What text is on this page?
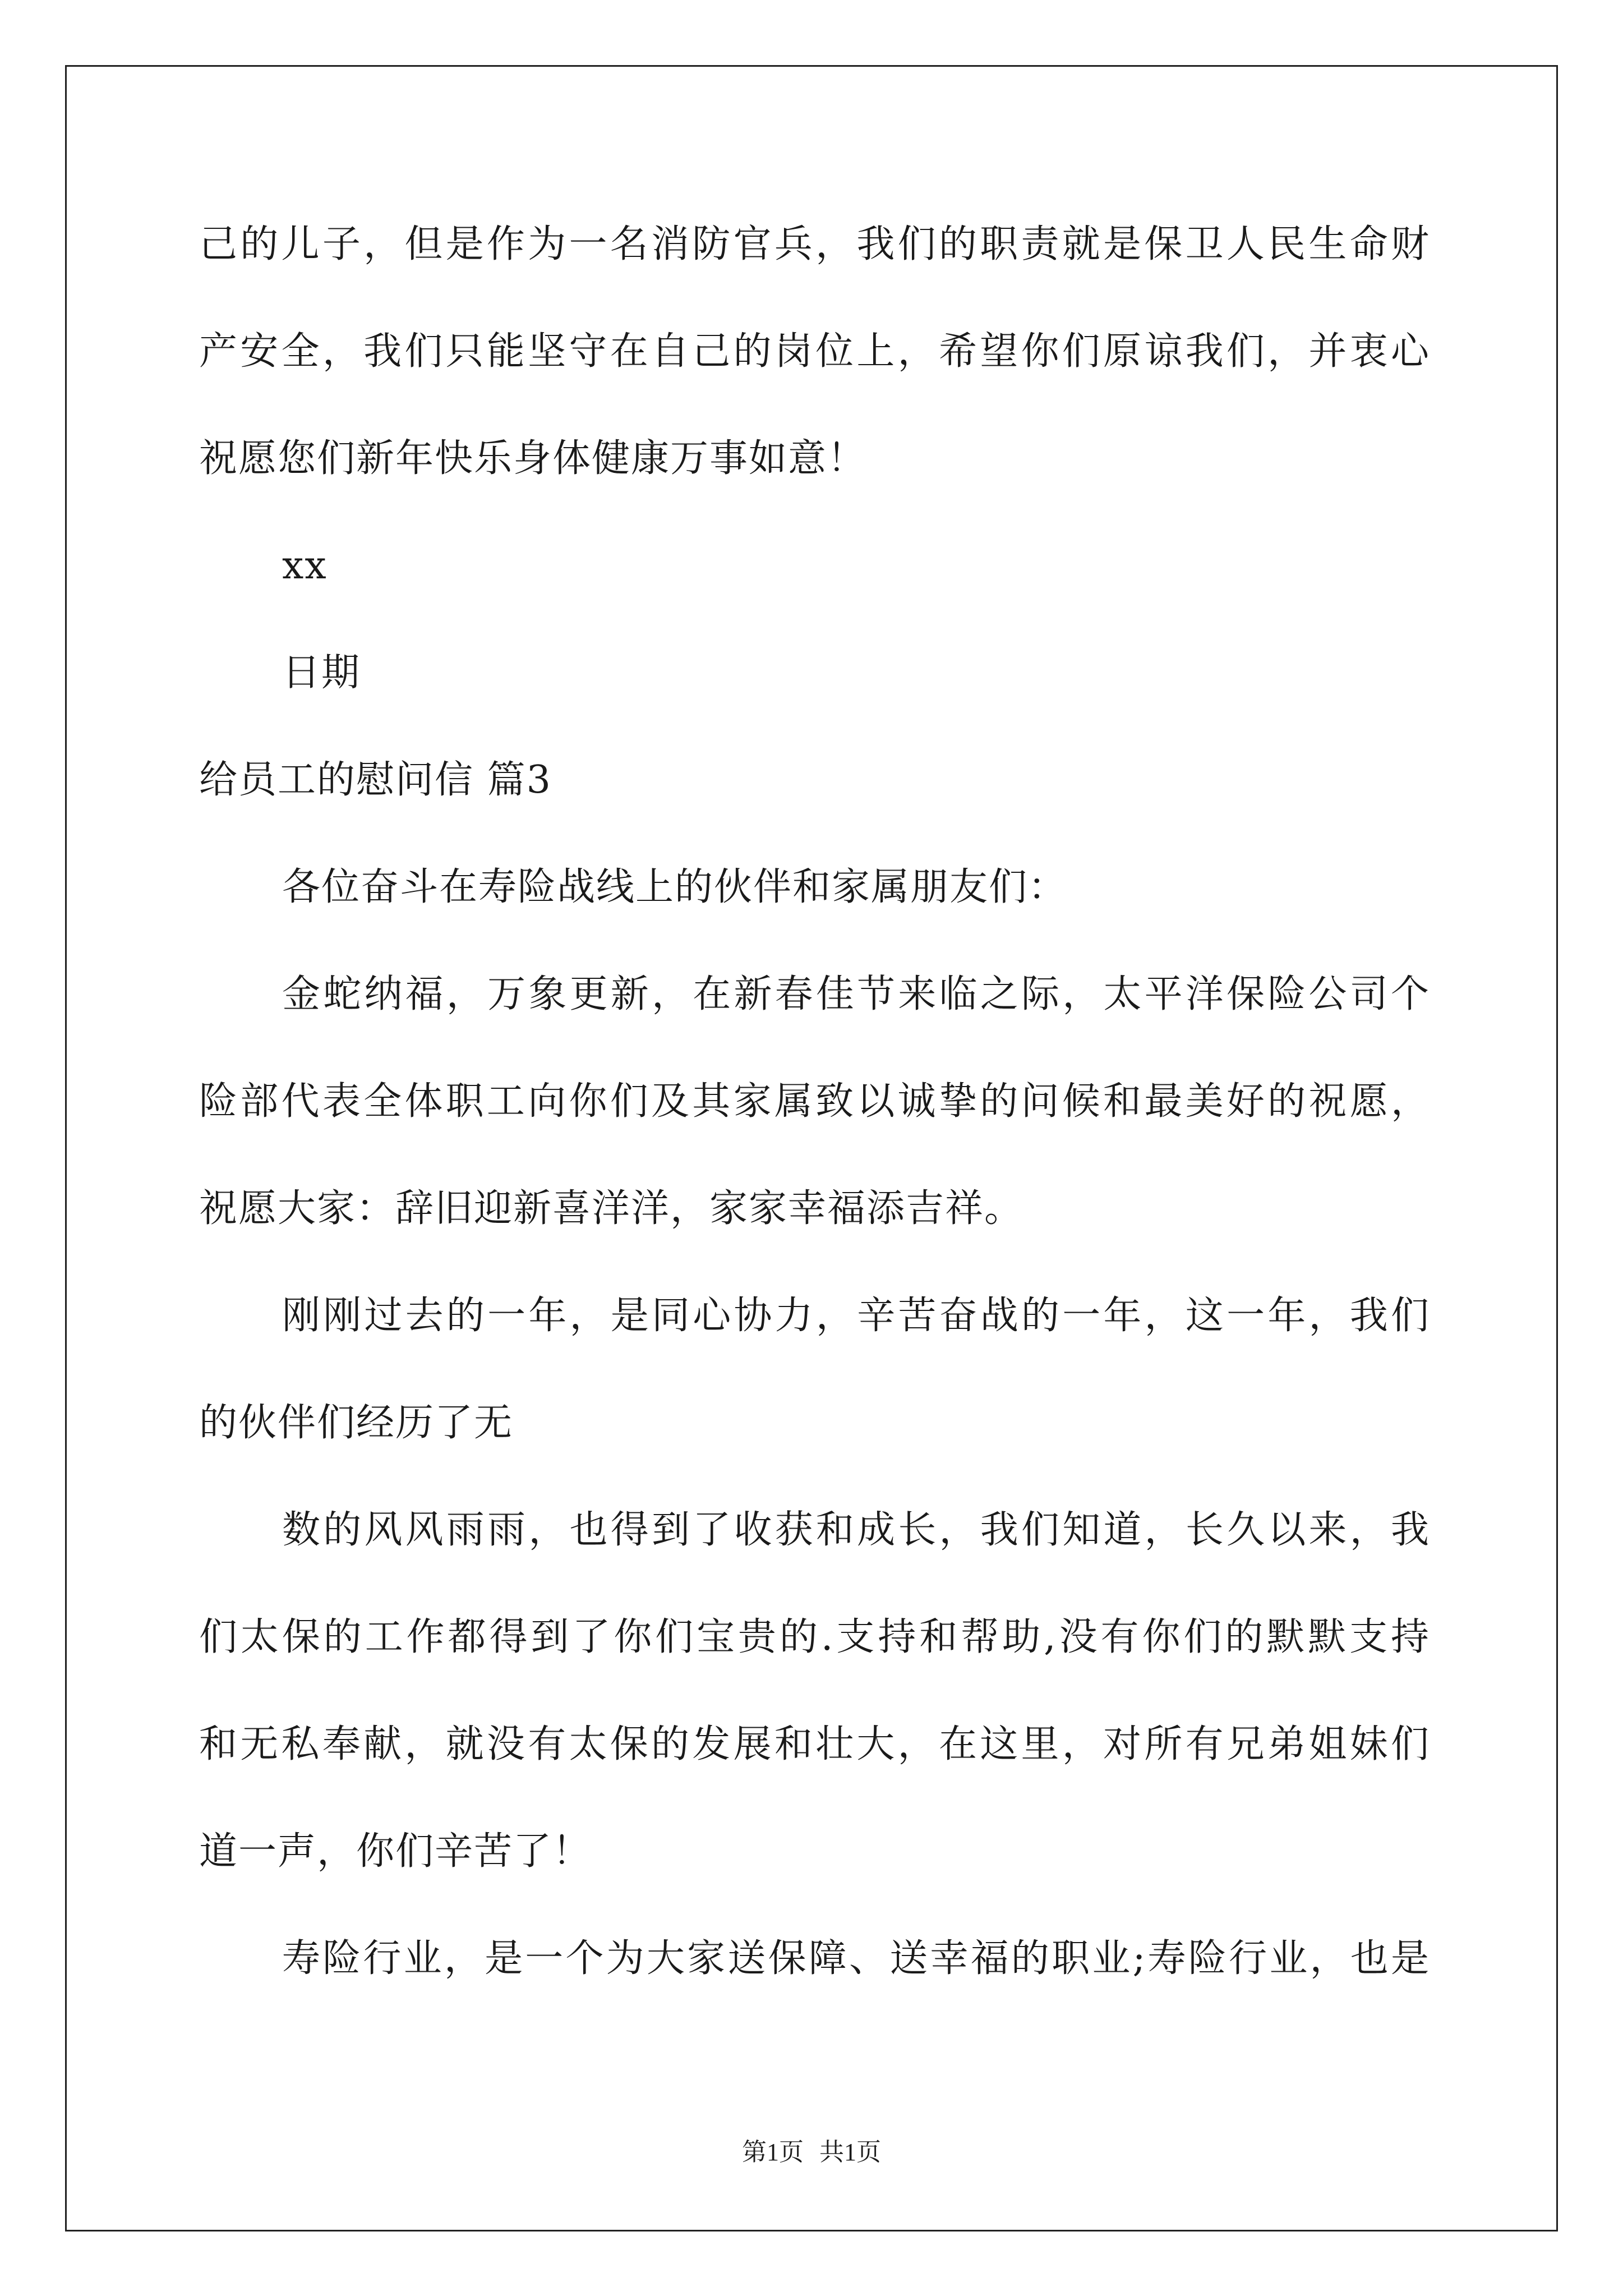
己的儿子，但是作为一名消防官兵，我们的职责就是保卫人民生命财
产安全，我们只能坚守在自己的岗位上，希望你们原谅我们，并衷心
祝愿您们新年快乐身体健康万事如意！
xx
日期
给员工的慰问信 篇3
各位奋斗在寿险战线上的伙伴和家属朋友们：
金蛇纳福，万象更新，在新春佳节来临之际，太平洋保险公司个
险部代表全体职工向你们及其家属致以诚挚的问候和最美好的祝愿，
祝愿大家：辞旧迎新喜洋洋，家家幸福添吉祥。
刚刚过去的一年，是同心协力，辛苦奋战的一年，这一年，我们
的伙伴们经历了无
数的风风雨雨，也得到了收获和成长，我们知道，长久以来，我
们太保的工作都得到了你们宝贵的.支持和帮助,没有你们的默默支持
和无私奉献，就没有太保的发展和壮大，在这里，对所有兄弟姐妹们
道一声，你们辛苦了！
寿险行业，是一个为大家送保障、送幸福的职业;寿险行业，也是
第1页 共1页
